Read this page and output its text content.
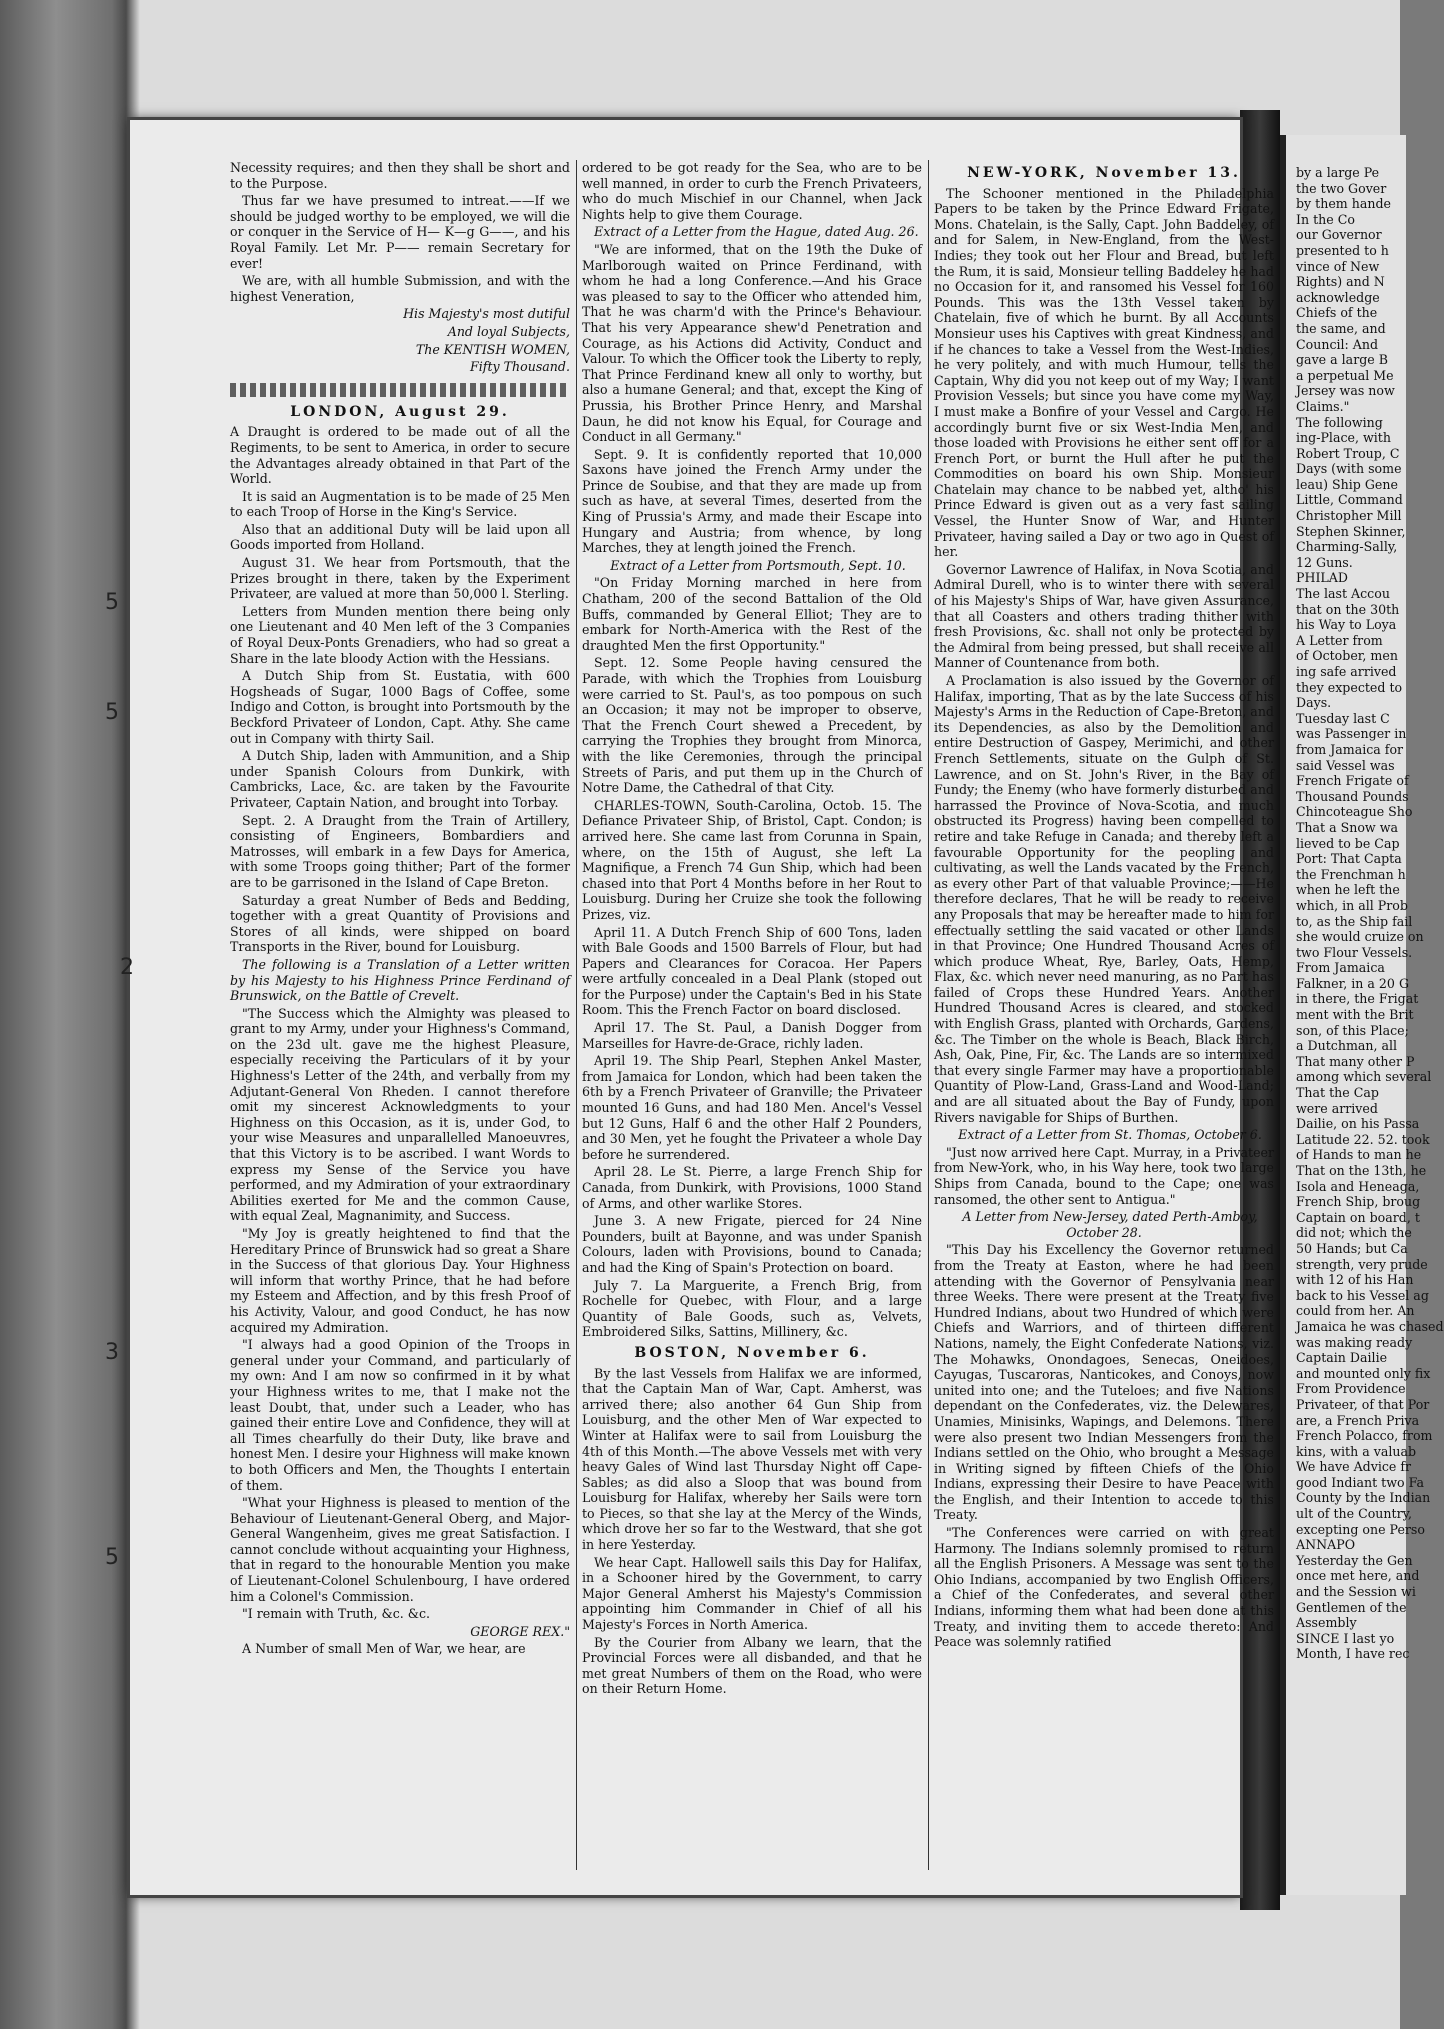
Necessity requires; and then they shall be short and to the Purpose.

Thus far we have presumed to intreat.——If we should be judged worthy to be employed, we will die or conquer in the Service of H— K—g G——, and his Royal Family. Let Mr. P—— remain Secretary for ever!

We are, with all humble Submission, and with the highest Veneration,

His Majesty's most dutiful

And loyal Subjects,

The KENTISH WOMEN,

Fifty Thousand.

LONDON, August 29.

A Draught is ordered to be made out of all the Regiments, to be sent to America, in order to secure the Advantages already obtained in that Part of the World.

It is said an Augmentation is to be made of 25 Men to each Troop of Horse in the King's Service.

Also that an additional Duty will be laid upon all Goods imported from Holland.

August 31. We hear from Portsmouth, that the Prizes brought in there, taken by the Experiment Privateer, are valued at more than 50,000 l. Sterling.

Letters from Munden mention there being only one Lieutenant and 40 Men left of the 3 Companies of Royal Deux-Ponts Grenadiers, who had so great a Share in the late bloody Action with the Hessians.

A Dutch Ship from St. Eustatia, with 600 Hogsheads of Sugar, 1000 Bags of Coffee, some Indigo and Cotton, is brought into Portsmouth by the Beckford Privateer of London, Capt. Athy. She came out in Company with thirty Sail.

A Dutch Ship, laden with Ammunition, and a Ship under Spanish Colours from Dunkirk, with Cambricks, Lace, &c. are taken by the Favourite Privateer, Captain Nation, and brought into Torbay.

Sept. 2. A Draught from the Train of Artillery, consisting of Engineers, Bombardiers and Matrosses, will embark in a few Days for America, with some Troops going thither; Part of the former are to be garrisoned in the Island of Cape Breton.

Saturday a great Number of Beds and Bedding, together with a great Quantity of Provisions and Stores of all kinds, were shipped on board Transports in the River, bound for Louisburg.

The following is a Translation of a Letter written by his Majesty to his Highness Prince Ferdinand of Brunswick, on the Battle of Crevelt.

"The Success which the Almighty was pleased to grant to my Army, under your Highness's Command, on the 23d ult. gave me the highest Pleasure, especially receiving the Particulars of it by your Highness's Letter of the 24th, and verbally from my Adjutant-General Von Rheden. I cannot therefore omit my sincerest Acknowledgments to your Highness on this Occasion, as it is, under God, to your wise Measures and unparallelled Manoeuvres, that this Victory is to be ascribed. I want Words to express my Sense of the Service you have performed, and my Admiration of your extraordinary Abilities exerted for Me and the common Cause, with equal Zeal, Magnanimity, and Success.

"My Joy is greatly heightened to find that the Hereditary Prince of Brunswick had so great a Share in the Success of that glorious Day. Your Highness will inform that worthy Prince, that he had before my Esteem and Affection, and by this fresh Proof of his Activity, Valour, and good Conduct, he has now acquired my Admiration.

"I always had a good Opinion of the Troops in general under your Command, and particularly of my own: And I am now so confirmed in it by what your Highness writes to me, that I make not the least Doubt, that, under such a Leader, who has gained their entire Love and Confidence, they will at all Times chearfully do their Duty, like brave and honest Men. I desire your Highness will make known to both Officers and Men, the Thoughts I entertain of them.

"What your Highness is pleased to mention of the Behaviour of Lieutenant-General Oberg, and Major-General Wangenheim, gives me great Satisfaction. I cannot conclude without acquainting your Highness, that in regard to the honourable Mention you make of Lieutenant-Colonel Schulenbourg, I have ordered him a Colonel's Commission.

"I remain with Truth, &c. &c.

GEORGE REX."

A Number of small Men of War, we hear, are

ordered to be got ready for the Sea, who are to be well manned, in order to curb the French Privateers, who do much Mischief in our Channel, when Jack Nights help to give them Courage.

Extract of a Letter from the Hague, dated Aug. 26.

"We are informed, that on the 19th the Duke of Marlborough waited on Prince Ferdinand, with whom he had a long Conference.—And his Grace was pleased to say to the Officer who attended him, That he was charm'd with the Prince's Behaviour. That his very Appearance shew'd Penetration and Courage, as his Actions did Activity, Conduct and Valour. To which the Officer took the Liberty to reply, That Prince Ferdinand knew all only to worthy, but also a humane General; and that, except the King of Prussia, his Brother Prince Henry, and Marshal Daun, he did not know his Equal, for Courage and Conduct in all Germany."

Sept. 9. It is confidently reported that 10,000 Saxons have joined the French Army under the Prince de Soubise, and that they are made up from such as have, at several Times, deserted from the King of Prussia's Army, and made their Escape into Hungary and Austria; from whence, by long Marches, they at length joined the French.

Extract of a Letter from Portsmouth, Sept. 10.

"On Friday Morning marched in here from Chatham, 200 of the second Battalion of the Old Buffs, commanded by General Elliot; They are to embark for North-America with the Rest of the draughted Men the first Opportunity."

Sept. 12. Some People having censured the Parade, with which the Trophies from Louisburg were carried to St. Paul's, as too pompous on such an Occasion; it may not be improper to observe, That the French Court shewed a Precedent, by carrying the Trophies they brought from Minorca, with the like Ceremonies, through the principal Streets of Paris, and put them up in the Church of Notre Dame, the Cathedral of that City.

CHARLES-TOWN, South-Carolina, Octob. 15. The Defiance Privateer Ship, of Bristol, Capt. Condon; is arrived here. She came last from Corunna in Spain, where, on the 15th of August, she left La Magnifique, a French 74 Gun Ship, which had been chased into that Port 4 Months before in her Rout to Louisburg. During her Cruize she took the following Prizes, viz.

April 11. A Dutch French Ship of 600 Tons, laden with Bale Goods and 1500 Barrels of Flour, but had Papers and Clearances for Coracoa. Her Papers were artfully concealed in a Deal Plank (stoped out for the Purpose) under the Captain's Bed in his State Room. This the French Factor on board disclosed.

April 17. The St. Paul, a Danish Dogger from Marseilles for Havre-de-Grace, richly laden.

April 19. The Ship Pearl, Stephen Ankel Master, from Jamaica for London, which had been taken the 6th by a French Privateer of Granville; the Privateer mounted 16 Guns, and had 180 Men. Ancel's Vessel but 12 Guns, Half 6 and the other Half 2 Pounders, and 30 Men, yet he fought the Privateer a whole Day before he surrendered.

April 28. Le St. Pierre, a large French Ship for Canada, from Dunkirk, with Provisions, 1000 Stand of Arms, and other warlike Stores.

June 3. A new Frigate, pierced for 24 Nine Pounders, built at Bayonne, and was under Spanish Colours, laden with Provisions, bound to Canada; and had the King of Spain's Protection on board.

July 7. La Marguerite, a French Brig, from Rochelle for Quebec, with Flour, and a large Quantity of Bale Goods, such as, Velvets, Embroidered Silks, Sattins, Millinery, &c.

BOSTON, November 6.

By the last Vessels from Halifax we are informed, that the Captain Man of War, Capt. Amherst, was arrived there; also another 64 Gun Ship from Louisburg, and the other Men of War expected to Winter at Halifax were to sail from Louisburg the 4th of this Month.—The above Vessels met with very heavy Gales of Wind last Thursday Night off Cape-Sables; as did also a Sloop that was bound from Louisburg for Halifax, whereby her Sails were torn to Pieces, so that she lay at the Mercy of the Winds, which drove her so far to the Westward, that she got in here Yesterday.

We hear Capt. Hallowell sails this Day for Halifax, in a Schooner hired by the Government, to carry Major General Amherst his Majesty's Commission appointing him Commander in Chief of all his Majesty's Forces in North America.

By the Courier from Albany we learn, that the Provincial Forces were all disbanded, and that he met great Numbers of them on the Road, who were on their Return Home.

NEW-YORK, November 13.

The Schooner mentioned in the Philadelphia Papers to be taken by the Prince Edward Frigate, Mons. Chatelain, is the Sally, Capt. John Baddeley, of and for Salem, in New-England, from the West-Indies; they took out her Flour and Bread, but left the Rum, it is said, Monsieur telling Baddeley he had no Occasion for it, and ransomed his Vessel for 160 Pounds. This was the 13th Vessel taken by Chatelain, five of which he burnt. By all Accounts Monsieur uses his Captives with great Kindness, and if he chances to take a Vessel from the West-Indies, he very politely, and with much Humour, tells the Captain, Why did you not keep out of my Way; I want Provision Vessels; but since you have come my Way, I must make a Bonfire of your Vessel and Cargo. He accordingly burnt five or six West-India Men, and those loaded with Provisions he either sent off for a French Port, or burnt the Hull after he put the Commodities on board his own Ship. Monsieur Chatelain may chance to be nabbed yet, altho' his Prince Edward is given out as a very fast sailing Vessel, the Hunter Snow of War, and Hunter Privateer, having sailed a Day or two ago in Quest of her.

Governor Lawrence of Halifax, in Nova Scotia, and Admiral Durell, who is to winter there with several of his Majesty's Ships of War, have given Assurance, that all Coasters and others trading thither with fresh Provisions, &c. shall not only be protected by the Admiral from being pressed, but shall receive all Manner of Countenance from both.

A Proclamation is also issued by the Governor of Halifax, importing, That as by the late Success of his Majesty's Arms in the Reduction of Cape-Breton, and its Dependencies, as also by the Demolition and entire Destruction of Gaspey, Merimichi, and other French Settlements, situate on the Gulph of St. Lawrence, and on St. John's River, in the Bay of Fundy; the Enemy (who have formerly disturbed and harrassed the Province of Nova-Scotia, and much obstructed its Progress) having been compelled to retire and take Refuge in Canada; and thereby left a favourable Opportunity for the peopling and cultivating, as well the Lands vacated by the French, as every other Part of that valuable Province;——He therefore declares, That he will be ready to receive any Proposals that may be hereafter made to him for effectually settling the said vacated or other Lands in that Province; One Hundred Thousand Acres of which produce Wheat, Rye, Barley, Oats, Hemp, Flax, &c. which never need manuring, as no Part has failed of Crops these Hundred Years. Another Hundred Thousand Acres is cleared, and stocked with English Grass, planted with Orchards, Gardens, &c. The Timber on the whole is Beach, Black Birch, Ash, Oak, Pine, Fir, &c. The Lands are so intermixed that every single Farmer may have a proportionable Quantity of Plow-Land, Grass-Land and Wood-Land; and are all situated about the Bay of Fundy, upon Rivers navigable for Ships of Burthen.

Extract of a Letter from St. Thomas, October 6.

"Just now arrived here Capt. Murray, in a Privateer from New-York, who, in his Way here, took two large Ships from Canada, bound to the Cape; one was ransomed, the other sent to Antigua."

A Letter from New-Jersey, dated Perth-Amboy, October 28.

"This Day his Excellency the Governor returned from the Treaty at Easton, where he had been attending with the Governor of Pensylvania near three Weeks. There were present at the Treaty five Hundred Indians, about two Hundred of which were Chiefs and Warriors, and of thirteen different Nations, namely, the Eight Confederate Nations, viz. The Mohawks, Onondagoes, Senecas, Oneidoes, Cayugas, Tuscaroras, Nanticokes, and Conoys, now united into one; and the Tuteloes; and five Nations dependant on the Confederates, viz. the Delewares, Unamies, Minisinks, Wapings, and Delemons. There were also present two Indian Messengers from the Indians settled on the Ohio, who brought a Message in Writing signed by fifteen Chiefs of the Ohio Indians, expressing their Desire to have Peace with the English, and their Intention to accede to this Treaty.

"The Conferences were carried on with great Harmony. The Indians solemnly promised to return all the English Prisoners. A Message was sent to the Ohio Indians, accompanied by two English Officers, a Chief of the Confederates, and several other Indians, informing them what had been done at this Treaty, and inviting them to accede thereto: And Peace was solemnly ratified

5
5
2
3
5
by a large Pe
the two Gover
by them hande
In the Co
our Governor
presented to h
vince of New
Rights) and N
acknowledge
Chiefs of the
the same, and
Council: And
gave a large B
a perpetual Me
Jersey was now
Claims."
The following
ing-Place, with
Robert Troup, C
Days (with some
leau) Ship Gene
Little, Command
Christopher Mill
Stephen Skinner,
Charming-Sally,
12 Guns.
PHILAD
The last Accou
that on the 30th
his Way to Loya
A Letter from
of October, men
ing safe arrived
they expected to
Days.
Tuesday last C
was Passenger in
from Jamaica for
said Vessel was
French Frigate of
Thousand Pounds
Chincoteague Sho
That a Snow wa
lieved to be Cap
Port: That Capta
the Frenchman h
when he left the
which, in all Prob
to, as the Ship fail
she would cruize on
two Flour Vessels.
From Jamaica
Falkner, in a 20 G
in there, the Frigat
ment with the Brit
son, of this Place;
a Dutchman, all
That many other P
among which several
That the Cap
were arrived
Dailie, on his Passa
Latitude 22. 52. took
of Hands to man he
That on the 13th, he
Isola and Heneaga,
French Ship, broug
Captain on board, t
did not; which the
50 Hands; but Ca
strength, very prude
with 12 of his Han
back to his Vessel ag
could from her. An
Jamaica he was chased
was making ready
Captain Dailie
and mounted only fix
From Providence
Privateer, of that Por
are, a French Priva
French Polacco, from
kins, with a valuab
We have Advice fr
good Indiant two Fa
County by the Indian
ult of the Country,
excepting one Perso
ANNAPO
Yesterday the Gen
once met here, and
and the Session wi
Gentlemen of the
Assembly
SINCE I last yo
Month, I have rec
